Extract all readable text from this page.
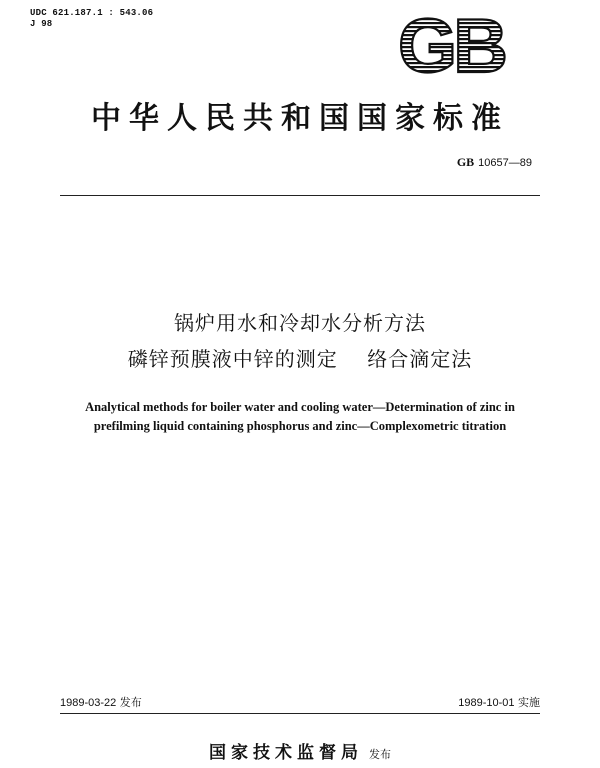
UDC 621.187.1 : 543.06
J 98	GB
中华人民共和国国家标准
GB 10657—89
锅炉用水和冷却水分析方法
磷锌预膜液中锌的测定    络合滴定法
Analytical methods for boiler water and cooling water—Determination of zinc in
prefilming liquid containing phosphorus and zinc—Complexometric titration
1989-03-22 发布	1989-10-01 实施
国家技术监督局 发布
